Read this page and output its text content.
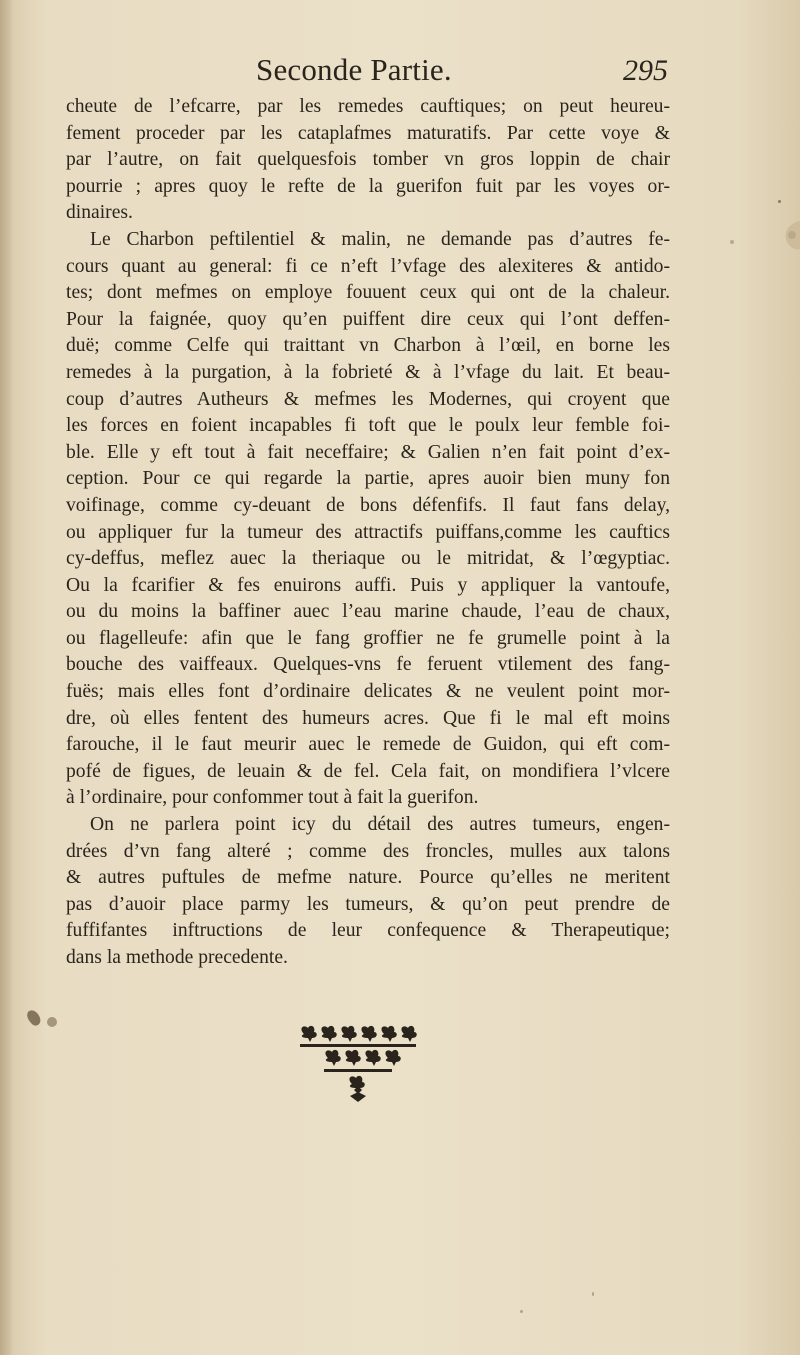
Seconde Partie.	295
cheute de l’efcarre, par les remedes cauftiques; on peut heureu-
fement proceder par les cataplafmes maturatifs. Par cette voye &
par l’autre, on fait quelquesfois tomber vn gros loppin de chair
pourrie ; apres quoy le refte de la guerifon fuit par les voyes or-
dinaires.
Le Charbon peftilentiel & malin, ne demande pas d’autres fe-
cours quant au general: fi ce n’eft l’vfage des alexiteres & antido-
tes; dont mefmes on employe fouuent ceux qui ont de la chaleur.
Pour la faignée, quoy qu’en puiffent dire ceux qui l’ont deffen-
duë; comme Celfe qui traittant vn Charbon à l’œil, en borne les
remedes à la purgation, à la fobrieté & à l’vfage du lait. Et beau-
coup d’autres Autheurs & mefmes les Modernes, qui croyent que
les forces en foient incapables fi toft que le poulx leur femble foi-
ble. Elle y eft tout à fait neceffaire; & Galien n’en fait point d’ex-
ception. Pour ce qui regarde la partie, apres auoir bien muny fon
voifinage, comme cy-deuant de bons défenfifs. Il faut fans delay,
ou appliquer fur la tumeur des attractifs puiffans,comme les cauftics
cy-deffus, meflez auec la theriaque ou le mitridat, & l’œgyptiac.
Ou la fcarifier & fes enuirons auffi. Puis y appliquer la vantoufe,
ou du moins la baffiner auec l’eau marine chaude, l’eau de chaux,
ou flagelleufe: afin que le fang groffier ne fe grumelle point à la
bouche des vaiffeaux. Quelques-vns fe feruent vtilement des fang-
fuës; mais elles font d’ordinaire delicates & ne veulent point mor-
dre, où elles fentent des humeurs acres. Que fi le mal eft moins
farouche, il le faut meurir auec le remede de Guidon, qui eft com-
pofé de figues, de leuain & de fel. Cela fait, on mondifiera l’vlcere
à l’ordinaire, pour confommer tout à fait la guerifon.
On ne parlera point icy du détail des autres tumeurs, engen-
drées d’vn fang alteré ; comme des froncles, mulles aux talons
& autres puftules de mefme nature. Pource qu’elles ne meritent
pas d’auoir place parmy les tumeurs, & qu’on peut prendre de
fuffifantes inftructions de leur confequence & Therapeutique;
dans la methode precedente.
